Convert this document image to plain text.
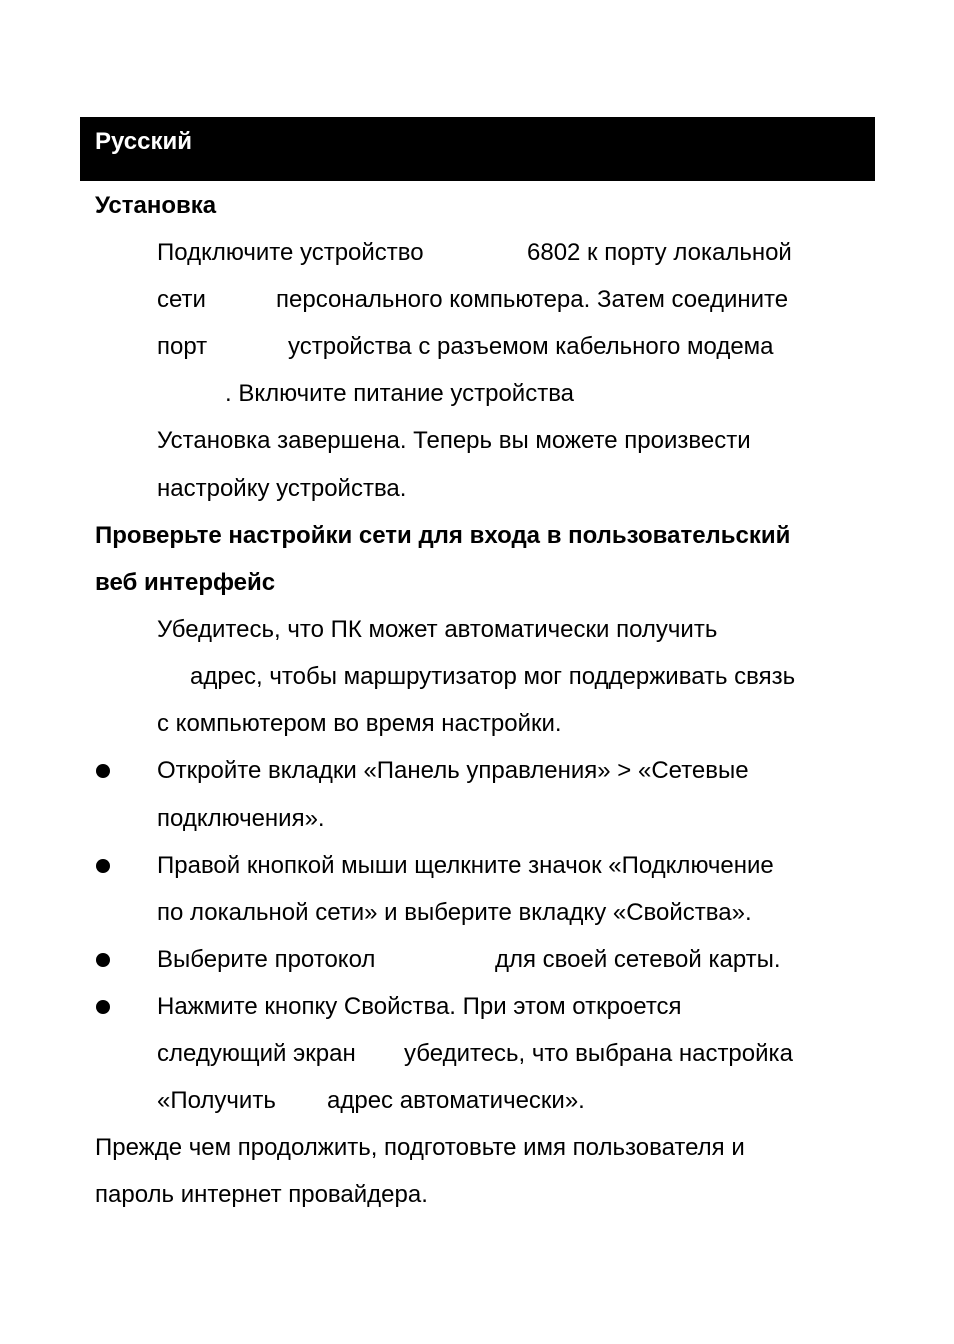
Русский
Установка
Подключите устройство	6802 к порту локальной
сети	персонального компьютера. Затем соедините
порт	устройства с разъемом кабельного модема
. Включите питание устройства
Установка завершена. Теперь вы можете произвести
настройку устройства.
Проверьте настройки сети для входа в пользовательский
веб интерфейс
Убедитесь, что ПК может автоматически получить
адрес, чтобы маршрутизатор мог поддерживать связь
с компьютером во время настройки.
Откройте вкладки «Панель управления» > «Сетевые
подключения».
Правой кнопкой мыши щелкните значок «Подключение
по локальной сети» и выберите вкладку «Свойства».
Выберите протокол	для своей сетевой карты.
Нажмите кнопку Свойства. При этом откроется
следующий экран убедитесь, что выбрана настройка
«Получить адрес автоматически».
Прежде чем продолжить, подготовьте имя пользователя и
пароль интернет провайдера.
